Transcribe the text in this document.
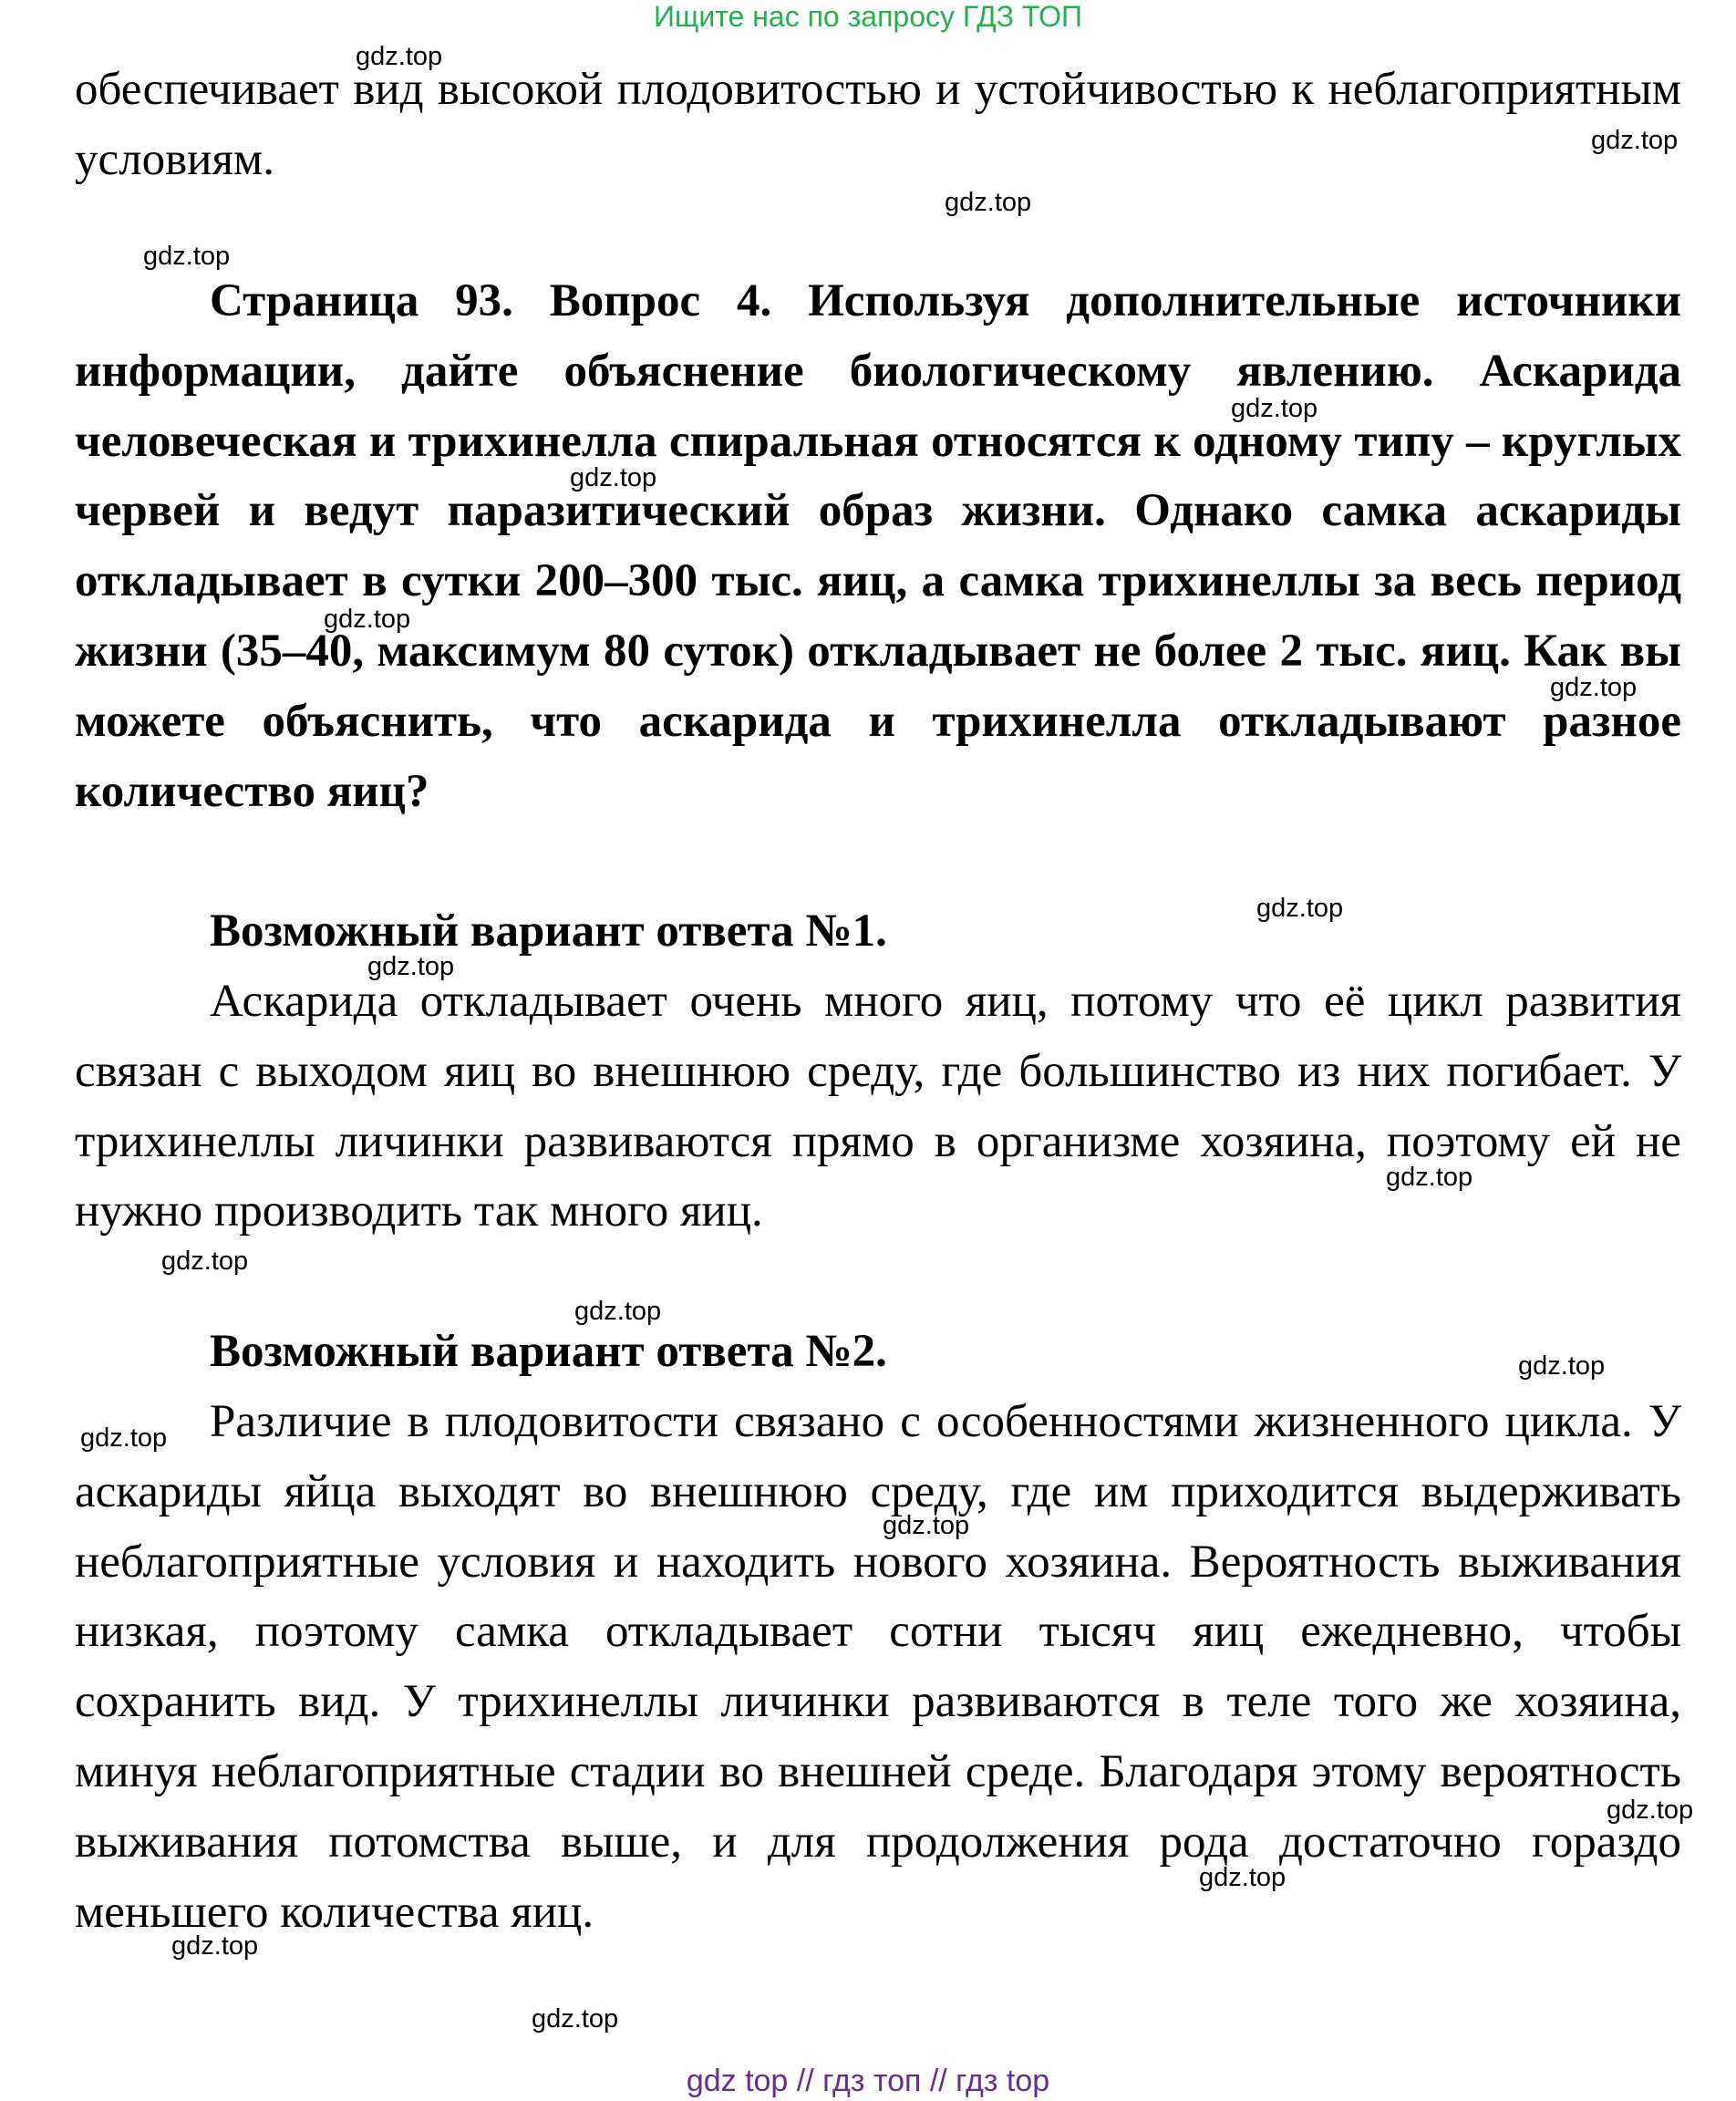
Ищите нас по запросу ГДЗ ТОП

обеспечивает вид высокой плодовитостью и устойчивостью к неблагоприятным условиям.

Страница 93. Вопрос 4. Используя дополнительные источники информации, дайте объяснение биологическому явлению. Аскарида человеческая и трихинелла спиральная относятся к одному типу – круглых червей и ведут паразитический образ жизни. Однако самка аскариды откладывает в сутки 200–300 тыс. яиц, а самка трихинеллы за весь период жизни (35–40, максимум 80 суток) откладывает не более 2 тыс. яиц. Как вы можете объяснить, что аскарида и трихинелла откладывают разное количество яиц?

Возможный вариант ответа №1.

Аскарида откладывает очень много яиц, потому что её цикл развития связан с выходом яиц во внешнюю среду, где большинство из них погибает. У трихинеллы личинки развиваются прямо в организме хозяина, поэтому ей не нужно производить так много яиц.

Возможный вариант ответа №2.

Различие в плодовитости связано с особенностями жизненного цикла. У аскариды яйца выходят во внешнюю среду, где им приходится выдерживать неблагоприятные условия и находить нового хозяина. Вероятность выживания низкая, поэтому самка откладывает сотни тысяч яиц ежедневно, чтобы сохранить вид. У трихинеллы личинки развиваются в теле того же хозяина, минуя неблагоприятные стадии во внешней среде. Благодаря этому вероятность выживания потомства выше, и для продолжения рода достаточно гораздо меньшего количества яиц.

gdz.top
gdz.top
gdz.top
gdz.top
gdz.top
gdz.top
gdz.top
gdz.top
gdz.top
gdz.top
gdz.top
gdz.top
gdz.top
gdz.top
gdz.top
gdz.top
gdz.top
gdz.top
gdz.top
gdz.top
gdz top // гдз топ // гдз top
